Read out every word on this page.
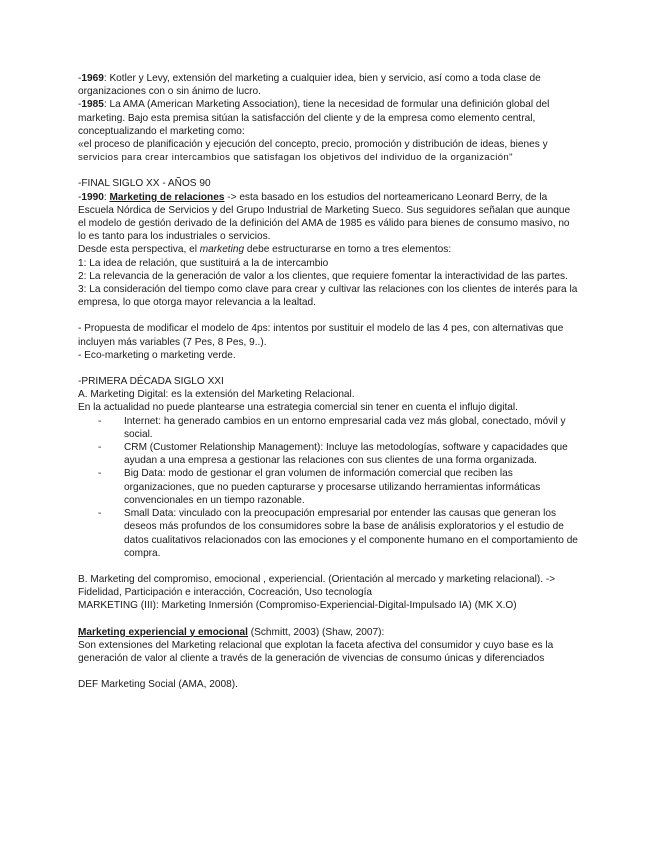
-1969: Kotler y Levy, extensión del marketing a cualquier idea, bien y servicio, así como a toda clase de organizaciones con o sin ánimo de lucro.

-1985: La AMA (American Marketing Association), tiene la necesidad de formular una definición global del marketing. Bajo esta premisa sitúan la satisfacción del cliente y de la empresa como elemento central, conceptualizando el marketing como:

«el proceso de planificación y ejecución del concepto, precio, promoción y distribución de ideas, bienes y

servicios para crear intercambios que satisfagan los objetivos del individuo de la organización"

-FINAL SIGLO XX - AÑOS 90

-1990: Marketing de relaciones -> esta basado en los estudios del norteamericano Leonard Berry, de la Escuela Nórdica de Servicios y del Grupo Industrial de Marketing Sueco. Sus seguidores señalan que aunque el modelo de gestión derivado de la definición del AMA de 1985 es válido para bienes de consumo masivo, no lo es tanto para los industriales o servicios.

Desde esta perspectiva, el marketing debe estructurarse en torno a tres elementos:

1: La idea de relación, que sustituirá a la de intercambio

2: La relevancia de la generación de valor a los clientes, que requiere fomentar la interactividad de las partes.

3: La consideración del tiempo como clave para crear y cultivar las relaciones con los clientes de interés para la empresa, lo que otorga mayor relevancia a la lealtad.

- Propuesta de modificar el modelo de 4ps: intentos por sustituir el modelo de las 4 pes, con alternativas que incluyen más variables (7 Pes, 8 Pes, 9..).

- Eco-marketing o marketing verde.

-PRIMERA DÉCADA SIGLO XXI

A. Marketing Digital: es la extensión del Marketing Relacional.

En la actualidad no puede plantearse una estrategia comercial sin tener en cuenta el influjo digital.

- Internet: ha generado cambios en un entorno empresarial cada vez más global, conectado, móvil y social.
- CRM (Customer Relationship Management): Incluye las metodologías, software y capacidades que ayudan a una empresa a gestionar las relaciones con sus clientes de una forma organizada.
- Big Data: modo de gestionar el gran volumen de información comercial que reciben las organizaciones, que no pueden capturarse y procesarse utilizando herramientas informáticas convencionales en un tiempo razonable.
- Small Data: vinculado con la preocupación empresarial por entender las causas que generan los deseos más profundos de los consumidores sobre la base de análisis exploratorios y el estudio de datos cualitativos relacionados con las emociones y el componente humano en el comportamiento de compra.

B. Marketing del compromiso, emocional , experiencial. (Orientación al mercado y marketing relacional). -> Fidelidad, Participación e interacción, Cocreación, Uso tecnología

MARKETING (III): Marketing Inmersión (Compromiso-Experiencial-Digital-Impulsado IA) (MK X.O)

Marketing experiencial y emocional (Schmitt, 2003) (Shaw, 2007):

Son extensiones del Marketing relacional que explotan la faceta afectiva del consumidor y cuyo base es la generación de valor al cliente a través de la generación de vivencias de consumo únicas y diferenciados

DEF Marketing Social (AMA, 2008).
